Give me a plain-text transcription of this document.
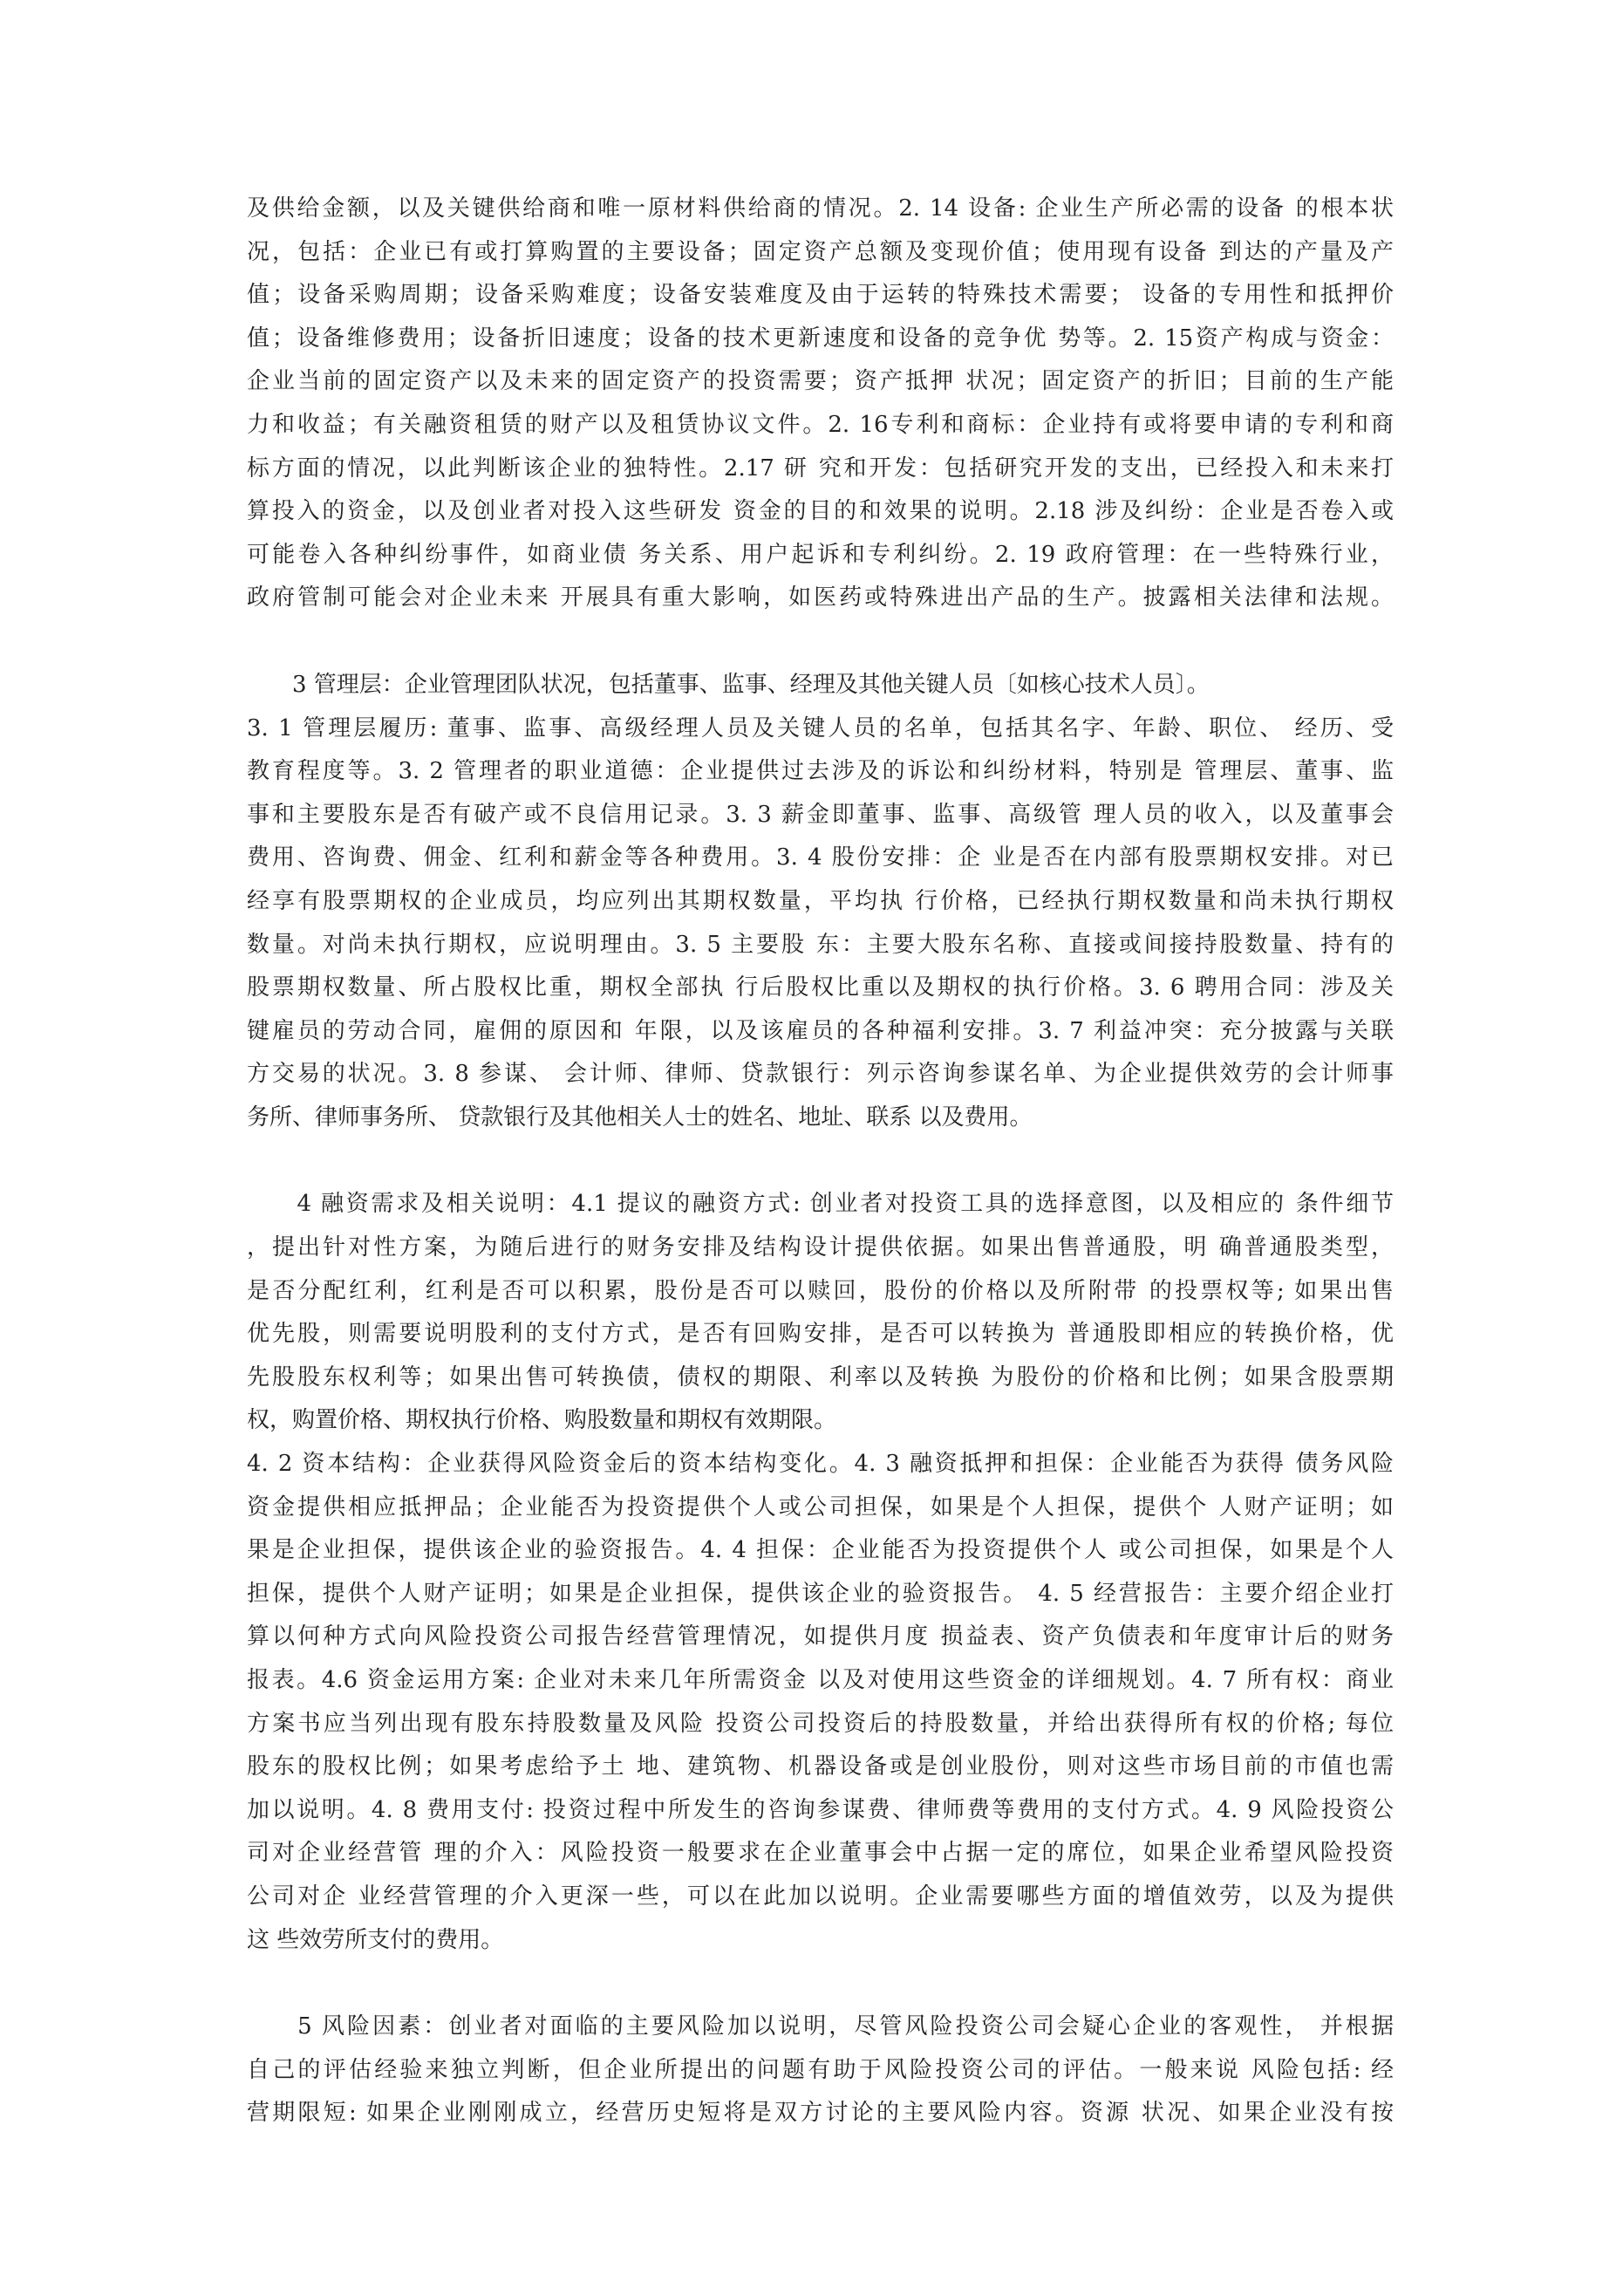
及供给金额，以及关键供给商和唯一原材料供给商的情况。2. 14 设备: 企业生产所必需的设备 的根本状
况，包括：企业已有或打算购置的主要设备；固定资产总额及变现价值；使用现有设备 到达的产量及产
值；设备采购周期；设备采购难度；设备安装难度及由于运转的特殊技术需要； 设备的专用性和抵押价
值；设备维修费用；设备折旧速度；设备的技术更新速度和设备的竞争优 势等。2. 15资产构成与资金：
企业当前的固定资产以及未来的固定资产的投资需要；资产抵押 状况；固定资产的折旧；目前的生产能
力和收益；有关融资租赁的财产以及租赁协议文件。2. 16专利和商标：企业持有或将要申请的专利和商
标方面的情况，以此判断该企业的独特性。2.17 研 究和开发：包括研究开发的支出，已经投入和未来打
算投入的资金，以及创业者对投入这些研发 资金的目的和效果的说明。2.18 涉及纠纷：企业是否卷入或
可能卷入各种纠纷事件，如商业债 务关系、用户起诉和专利纠纷。2. 19 政府管理：在一些特殊行业，
政府管制可能会对企业未来 开展具有重大影响，如医药或特殊进出产品的生产。披露相关法律和法规。
　　3 管理层：企业管理团队状况，包括董事、监事、经理及其他关键人员〔如核心技术人员〕。
3. 1 管理层履历: 董事、监事、高级经理人员及关键人员的名单，包括其名字、年龄、职位、 经历、受
教育程度等。3. 2 管理者的职业道德：企业提供过去涉及的诉讼和纠纷材料，特别是 管理层、董事、监
事和主要股东是否有破产或不良信用记录。3. 3 薪金即董事、监事、高级管 理人员的收入，以及董事会
费用、咨询费、佣金、红利和薪金等各种费用。3. 4 股份安排：企 业是否在内部有股票期权安排。对已
经享有股票期权的企业成员，均应列出其期权数量，平均执 行价格，已经执行期权数量和尚未执行期权
数量。对尚未执行期权，应说明理由。3. 5 主要股 东：主要大股东名称、直接或间接持股数量、持有的
股票期权数量、所占股权比重，期权全部执 行后股权比重以及期权的执行价格。3. 6 聘用合同：涉及关
键雇员的劳动合同，雇佣的原因和 年限，以及该雇员的各种福利安排。3. 7 利益冲突：充分披露与关联
方交易的状况。3. 8 参谋、 会计师、律师、贷款银行：列示咨询参谋名单、为企业提供效劳的会计师事
务所、律师事务所、 贷款银行及其他相关人士的姓名、地址、联系 以及费用。
　　4 融资需求及相关说明：4.1 提议的融资方式: 创业者对投资工具的选择意图，以及相应的 条件细节
，提出针对性方案，为随后进行的财务安排及结构设计提供依据。如果出售普通股，明 确普通股类型，
是否分配红利，红利是否可以积累，股份是否可以赎回，股份的价格以及所附带 的投票权等; 如果出售
优先股，则需要说明股利的支付方式，是否有回购安排，是否可以转换为 普通股即相应的转换价格，优
先股股东权利等；如果出售可转换债，债权的期限、利率以及转换 为股份的价格和比例；如果含股票期
权，购置价格、期权执行价格、购股数量和期权有效期限。
4. 2 资本结构：企业获得风险资金后的资本结构变化。4. 3 融资抵押和担保：企业能否为获得 债务风险
资金提供相应抵押品；企业能否为投资提供个人或公司担保，如果是个人担保，提供个 人财产证明；如
果是企业担保，提供该企业的验资报告。4. 4 担保：企业能否为投资提供个人 或公司担保，如果是个人
担保，提供个人财产证明；如果是企业担保，提供该企业的验资报告。 4. 5 经营报告：主要介绍企业打
算以何种方式向风险投资公司报告经营管理情况，如提供月度 损益表、资产负债表和年度审计后的财务
报表。4.6 资金运用方案: 企业对未来几年所需资金 以及对使用这些资金的详细规划。4. 7 所有权：商业
方案书应当列出现有股东持股数量及风险 投资公司投资后的持股数量，并给出获得所有权的价格; 每位
股东的股权比例；如果考虑给予土 地、建筑物、机器设备或是创业股份，则对这些市场目前的市值也需
加以说明。4. 8 费用支付: 投资过程中所发生的咨询参谋费、律师费等费用的支付方式。4. 9 风险投资公
司对企业经营管 理的介入：风险投资一般要求在企业董事会中占据一定的席位，如果企业希望风险投资
公司对企 业经营管理的介入更深一些，可以在此加以说明。企业需要哪些方面的增值效劳，以及为提供
这 些效劳所支付的费用。
　　5 风险因素：创业者对面临的主要风险加以说明，尽管风险投资公司会疑心企业的客观性， 并根据
自己的评估经验来独立判断，但企业所提出的问题有助于风险投资公司的评估。一般来说 风险包括: 经
营期限短: 如果企业刚刚成立，经营历史短将是双方讨论的主要风险内容。资源 状况、如果企业没有按
